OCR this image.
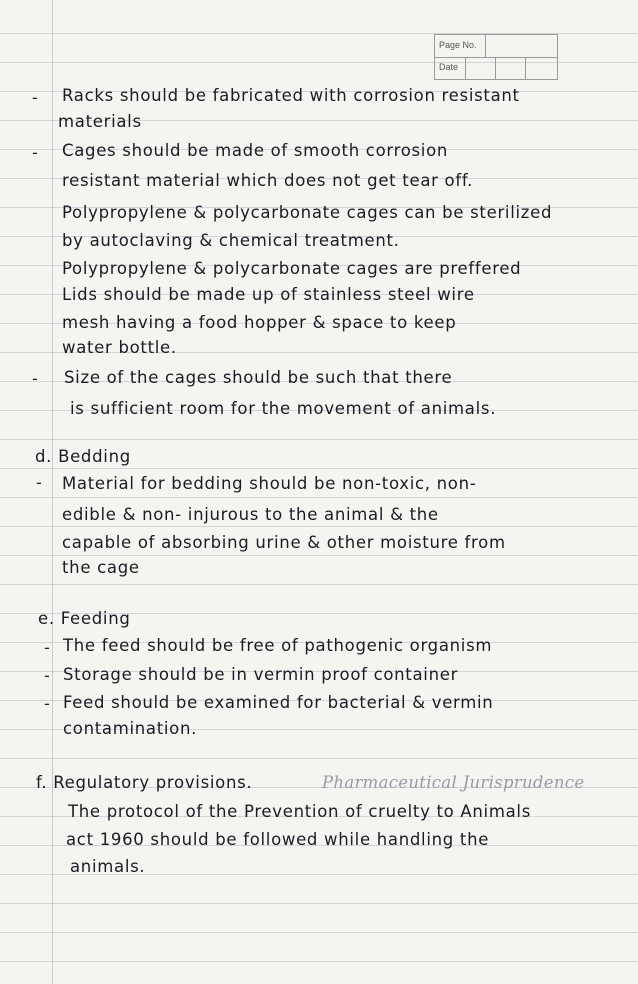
Page No.
Date
- Racks should be fabricated with corrosion resistant
materials
- Cages should be made of smooth corrosion
resistant material which does not get tear off.
Polypropylene & polycarbonate cages can be sterilized
by autoclaving & chemical treatment.
Polypropylene & polycarbonate cages are preffered
Lids should be made up of stainless steel wire
mesh having a food hopper & space to keep
water bottle.
- Size of the cages should be such that there
is sufficient room for the movement of animals.
d. Bedding
- Material for bedding should be non-toxic, non-
edible & non- injurous to the animal & the
capable of absorbing urine & other moisture from
the cage
e. Feeding
- The feed should be free of pathogenic organism
- Storage should be in vermin proof container
- Feed should be examined for bacterial & vermin
contamination.
f. Regulatory provisions.	Pharmaceutical Jurisprudence
The protocol of the Prevention of cruelty to Animals
act 1960 should be followed while handling the
animals.
